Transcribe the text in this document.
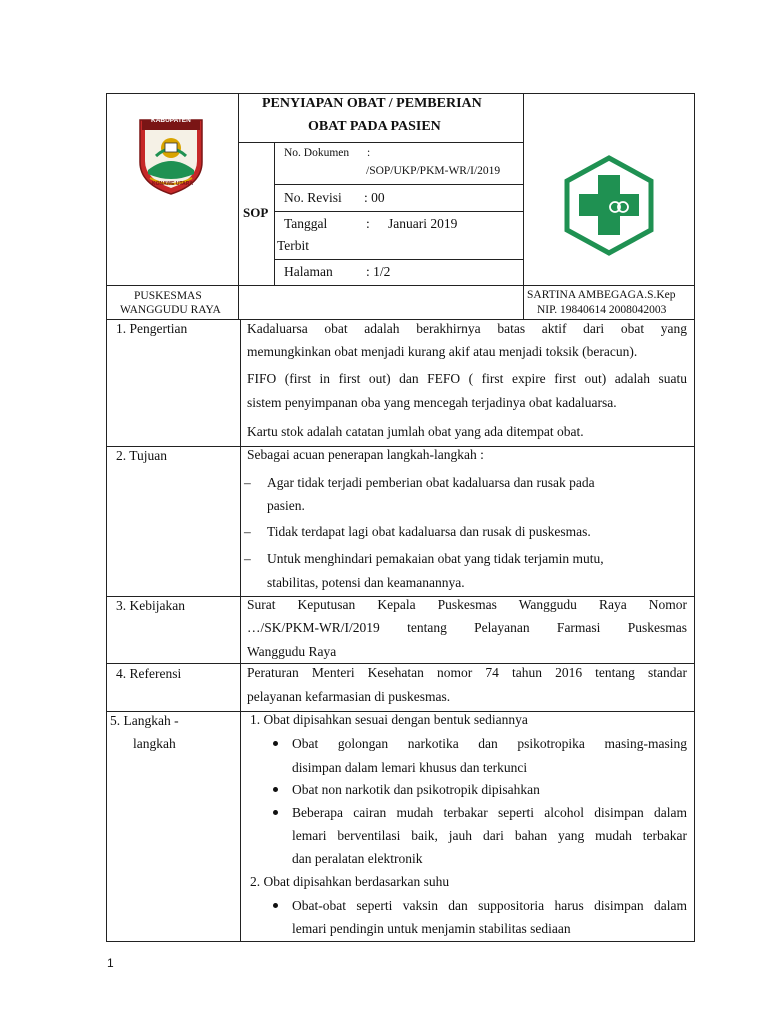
KABUPATEN
KONAWE UTARA
PENYIAPAN OBAT / PEMBERIAN
OBAT PADA PASIEN
SOP
No. Dokumen :
/SOP/UKP/PKM-WR/I/2019
No. Revisi : 00
Tanggal	: Januari 2019
Terbit
Halaman : 1/2
PUSKESMAS
WANGGUDU RAYA
SARTINA AMBEGAGA.S.Kep
NIP. 19840614 2008042003
1. Pengertian	Kadaluarsa obat adalah berakhirnya batas aktif dari obat yang
memungkinkan obat menjadi kurang akif atau menjadi toksik (beracun).
FIFO (first in first out) dan FEFO ( first expire first out) adalah suatu
sistem penyimpanan oba yang mencegah terjadinya obat kadaluarsa.
Kartu stok adalah catatan jumlah obat yang ada ditempat obat.
2. Tujuan	Sebagai acuan penerapan langkah-langkah :
– Agar tidak terjadi pemberian obat kadaluarsa dan rusak pada
pasien.
– Tidak terdapat lagi obat kadaluarsa dan rusak di puskesmas.
– Untuk menghindari pemakaian obat yang tidak terjamin mutu,
stabilitas, potensi dan keamanannya.
3. Kebijakan	Surat Keputusan Kepala Puskesmas Wanggudu Raya Nomor
…/SK/PKM-WR/I/2019 tentang Pelayanan Farmasi Puskesmas
Wanggudu Raya
4. Referensi	Peraturan Menteri Kesehatan nomor 74 tahun 2016 tentang standar
pelayanan kefarmasian di puskesmas.
5. Langkah -
langkah
1. Obat dipisahkan sesuai dengan bentuk sediannya
Obat golongan narkotika dan psikotropika masing-masing
disimpan dalam lemari khusus dan terkunci
Obat non narkotik dan psikotropik dipisahkan
Beberapa cairan mudah terbakar seperti alcohol disimpan dalam
lemari berventilasi baik, jauh dari bahan yang mudah terbakar
dan peralatan elektronik
2. Obat dipisahkan berdasarkan suhu
Obat-obat seperti vaksin dan suppositoria harus disimpan dalam
lemari pendingin untuk menjamin stabilitas sediaan
1
